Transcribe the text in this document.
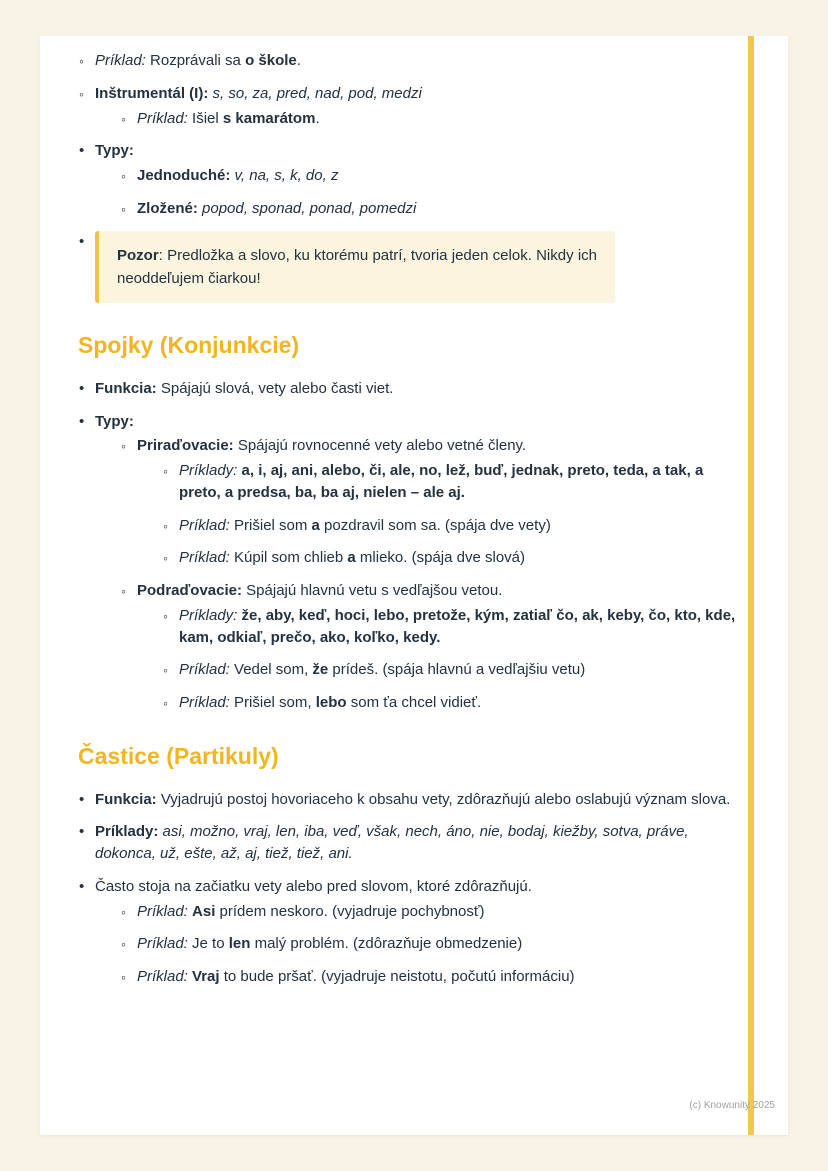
◦ Príklad: Rozprávali sa o škole.
◦ Inštrumentál (I): s, so, za, pred, nad, pod, medzi
◦ Príklad: Išiel s kamarátom.
• Typy:
◦ Jednoduché: v, na, s, k, do, z
◦ Zložené: popod, sponad, ponad, pomedzi
• Pozor: Predložka a slovo, ku ktorému patrí, tvoria jeden celok. Nikdy ich neoddeľujem čiarkou!
Spojky (Konjunkcie)
• Funkcia: Spájajú slová, vety alebo časti viet.
• Typy:
◦ Priraďovacie: Spájajú rovnocenné vety alebo vetné členy.
◦ Príklady: a, i, aj, ani, alebo, či, ale, no, lež, buď, jednak, preto, teda, a tak, a preto, a predsa, ba, ba aj, nielen – ale aj.
◦ Príklad: Prišiel som a pozdravil som sa. (spája dve vety)
◦ Príklad: Kúpil som chlieb a mlieko. (spája dve slová)
◦ Podraďovacie: Spájajú hlavnú vetu s vedľajšou vetou.
◦ Príklady: že, aby, keď, hoci, lebo, pretože, kým, zatiaľ čo, ak, keby, čo, kto, kde, kam, odkiaľ, prečo, ako, koľko, kedy.
◦ Príklad: Vedel som, že prídeš. (spája hlavnú a vedľajšiu vetu)
◦ Príklad: Prišiel som, lebo som ťa chcel vidieť.
Častice (Partikuly)
• Funkcia: Vyjadrujú postoj hovoriaceho k obsahu vety, zdôrazňujú alebo oslabujú význam slova.
• Príklady: asi, možno, vraj, len, iba, veď, však, nech, áno, nie, bodaj, kiežby, sotva, práve, dokonca, už, ešte, až, aj, tiež, tiež, ani.
• Často stoja na začiatku vety alebo pred slovom, ktoré zdôrazňujú.
◦ Príklad: Asi prídem neskoro. (vyjadruje pochybnosť)
◦ Príklad: Je to len malý problém. (zdôrazňuje obmedzenie)
◦ Príklad: Vraj to bude pršať. (vyjadruje neistotu, počutú informáciu)
(c) Knowunity 2025
